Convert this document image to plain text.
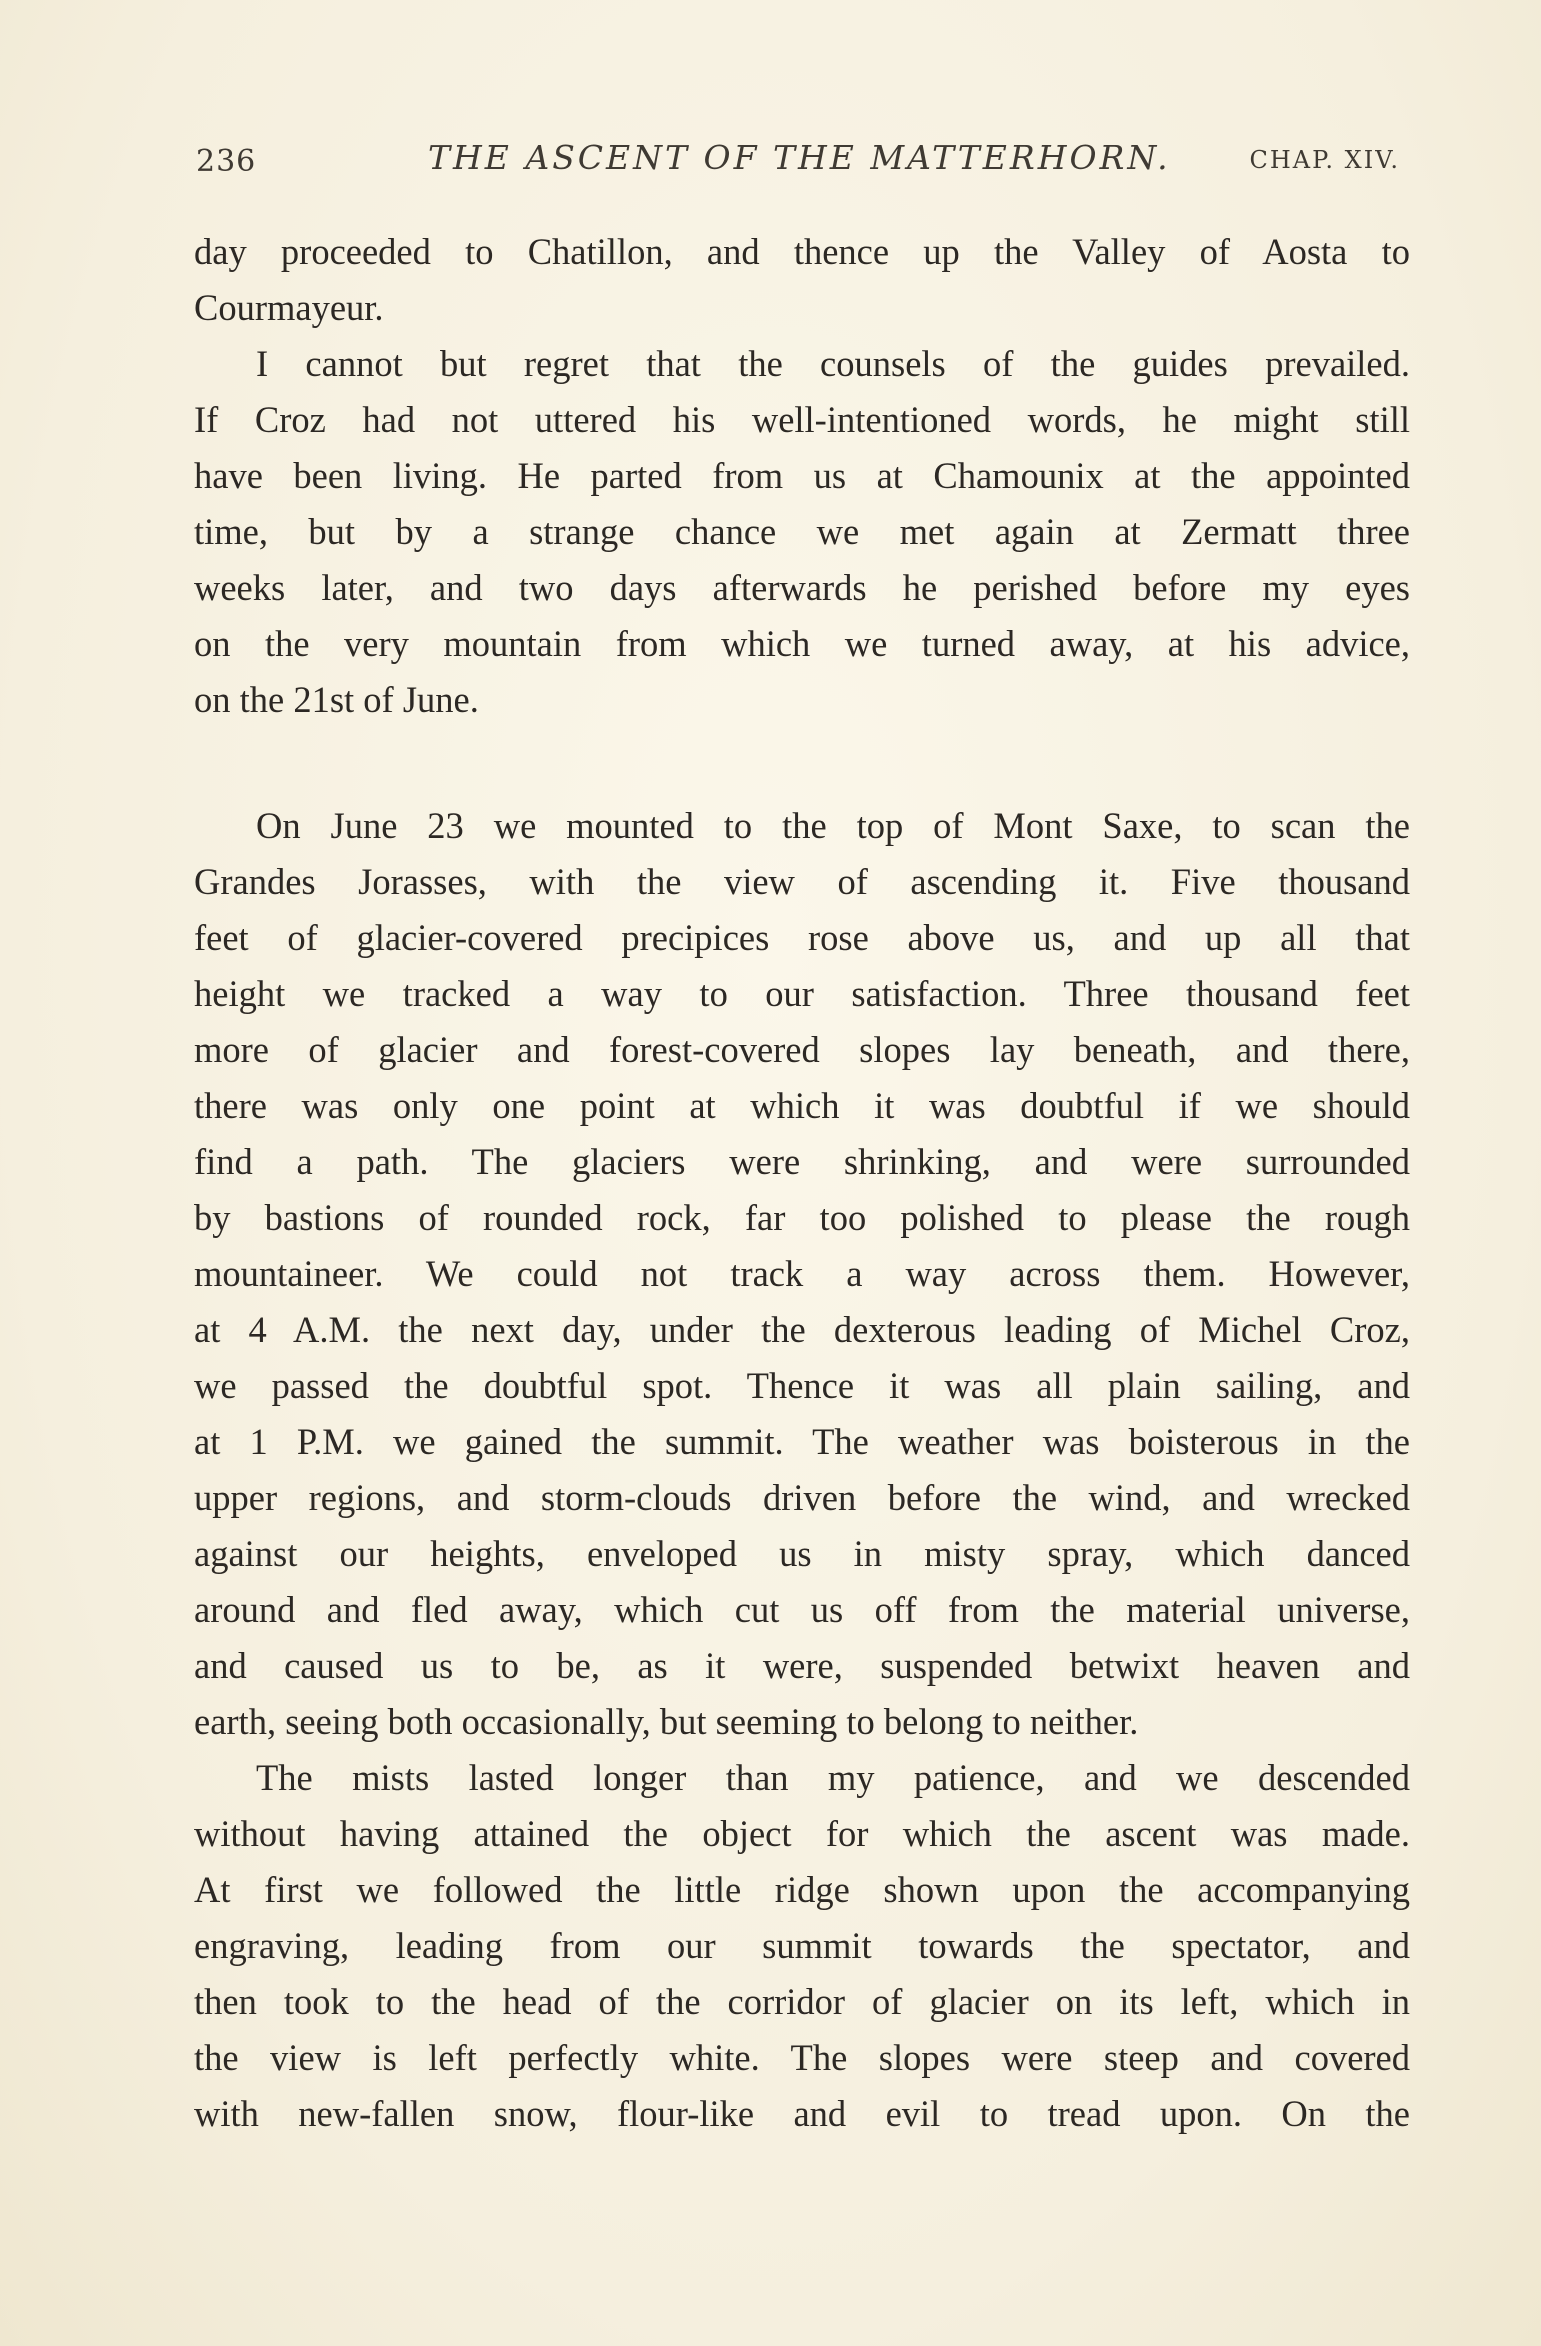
236	THE ASCENT OF THE MATTERHORN.	CHAP. XIV.
day proceeded to Chatillon, and thence up the Valley of Aosta to
Courmayeur.
I cannot but regret that the counsels of the guides prevailed.
If Croz had not uttered his well-intentioned words, he might still
have been living. He parted from us at Chamounix at the appointed
time, but by a strange chance we met again at Zermatt three
weeks later, and two days afterwards he perished before my eyes
on the very mountain from which we turned away, at his advice,
on the 21st of June.
On June 23 we mounted to the top of Mont Saxe, to scan the
Grandes Jorasses, with the view of ascending it. Five thousand
feet of glacier-covered precipices rose above us, and up all that
height we tracked a way to our satisfaction. Three thousand feet
more of glacier and forest-covered slopes lay beneath, and there,
there was only one point at which it was doubtful if we should
find a path. The glaciers were shrinking, and were surrounded
by bastions of rounded rock, far too polished to please the rough
mountaineer. We could not track a way across them. However,
at 4 A.M. the next day, under the dexterous leading of Michel Croz,
we passed the doubtful spot. Thence it was all plain sailing, and
at 1 P.M. we gained the summit. The weather was boisterous in the
upper regions, and storm-clouds driven before the wind, and wrecked
against our heights, enveloped us in misty spray, which danced
around and fled away, which cut us off from the material universe,
and caused us to be, as it were, suspended betwixt heaven and
earth, seeing both occasionally, but seeming to belong to neither.
The mists lasted longer than my patience, and we descended
without having attained the object for which the ascent was made.
At first we followed the little ridge shown upon the accompanying
engraving, leading from our summit towards the spectator, and
then took to the head of the corridor of glacier on its left, which in
the view is left perfectly white. The slopes were steep and covered
with new-fallen snow, flour-like and evil to tread upon. On the
